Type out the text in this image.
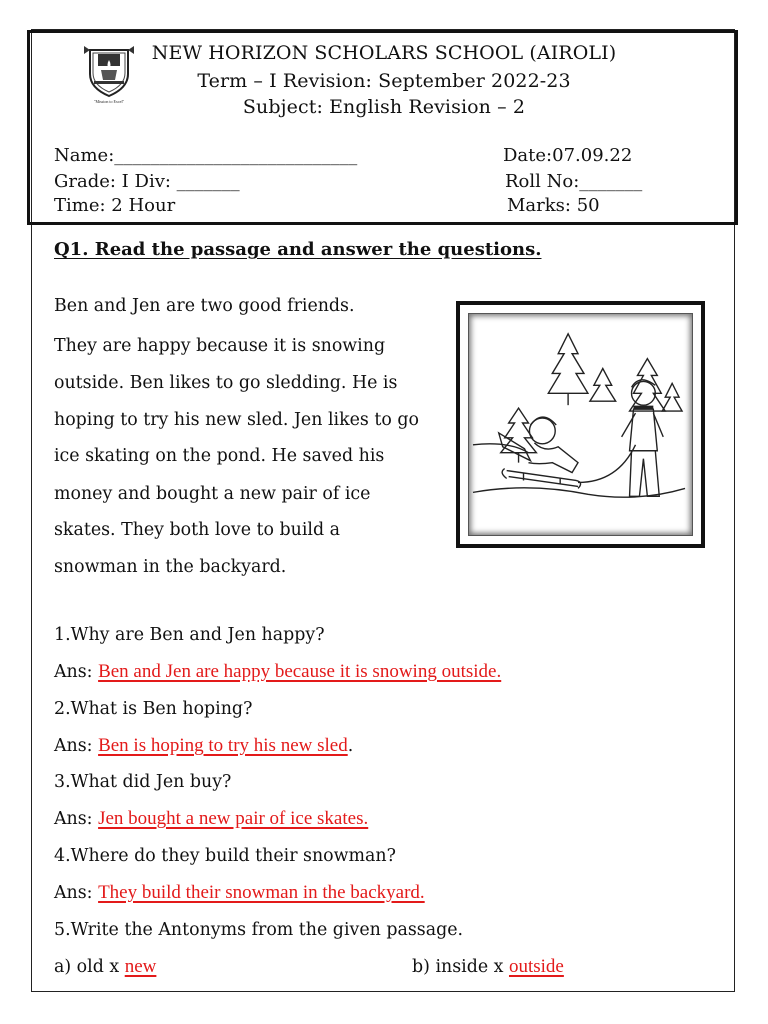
"Mission to Excel"
NEW HORIZON SCHOLARS SCHOOL (AIROLI)
Term – I Revision: September 2022-23
Subject: English Revision – 2
Name:___________________________	Date:07.09.22
Grade: I Div: _______	Roll No:_______
Time: 2 Hour	Marks: 50
Q1. Read the passage and answer the questions.
Ben and Jen are two good friends.
They are happy because it is snowing
outside. Ben likes to go sledding. He is
hoping to try his new sled. Jen likes to go
ice skating on the pond. He saved his
money and bought a new pair of ice
skates. They both love to build a
snowman in the backyard.
1.Why are Ben and Jen happy?
Ans: Ben and Jen are happy because it is snowing outside.
2.What is Ben hoping?
Ans: Ben is hoping to try his new sled.
3.What did Jen buy?
Ans: Jen bought a new pair of ice skates.
4.Where do they build their snowman?
Ans: They build their snowman in the backyard.
5.Write the Antonyms from the given passage.
a) old x new	b) inside x outside
